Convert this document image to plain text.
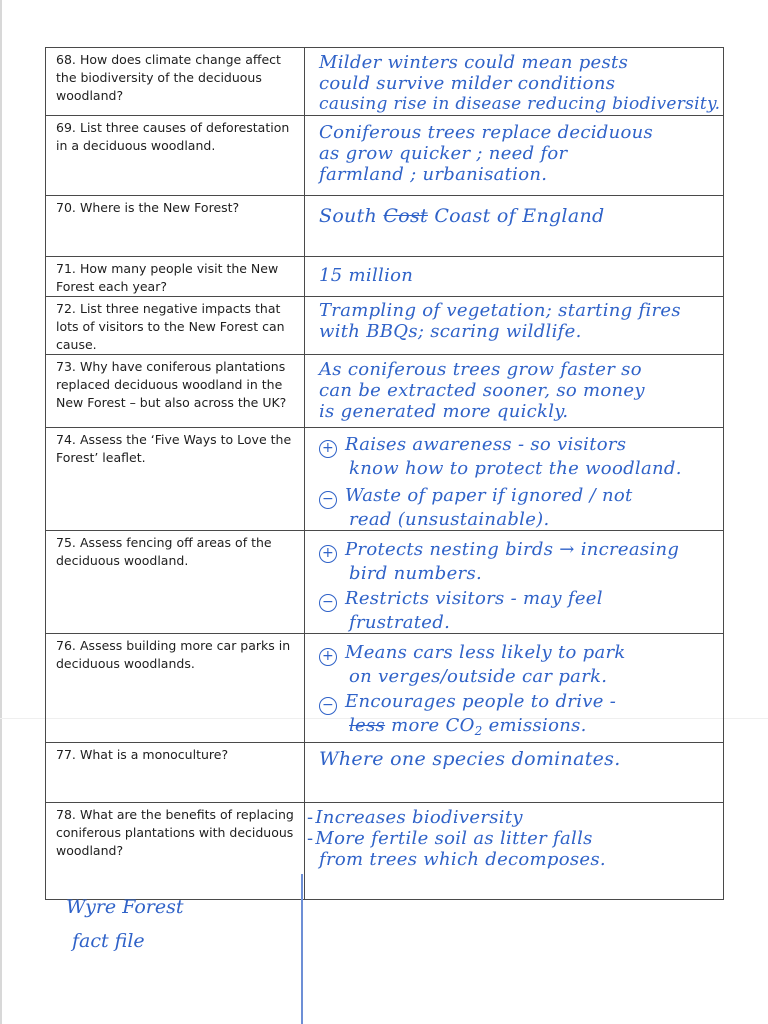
68. How does climate change affect the biodiversity of the deciduous woodland?	Milder winters could mean pests
could survive milder conditions
causing rise in disease reducing biodiversity.

69. List three causes of deforestation in a deciduous woodland.	Coniferous trees replace deciduous
as grow quicker ; need for
farmland ; urbanisation.

70. Where is the New Forest?	South Cost Coast of England

71. How many people visit the New Forest each year?	15 million

72. List three negative impacts that lots of visitors to the New Forest can cause.	Trampling of vegetation; starting fires
with BBQs; scaring wildlife.

73. Why have coniferous plantations replaced deciduous woodland in the New Forest – but also across the UK?	As coniferous trees grow faster so
can be extracted sooner, so money
is generated more quickly.

74. Assess the ‘Five Ways to Love the Forest’ leaflet.	+ Raises awareness - so visitors
know how to protect the woodland.
− Waste of paper if ignored / not
read (unsustainable).

75. Assess fencing off areas of the deciduous woodland.	+ Protects nesting birds → increasing
bird numbers.
− Restricts visitors - may feel
frustrated.

76. Assess building more car parks in deciduous woodlands.	+ Means cars less likely to park
on verges/outside car park.
− Encourages people to drive -
less more $CO_2$ emissions.

77. What is a monoculture?	Where one species dominates.

78. What are the benefits of replacing coniferous plantations with deciduous woodland?	- Increases biodiversity
- More fertile soil as litter falls
from trees which decomposes.
Wyre Forest
fact file
